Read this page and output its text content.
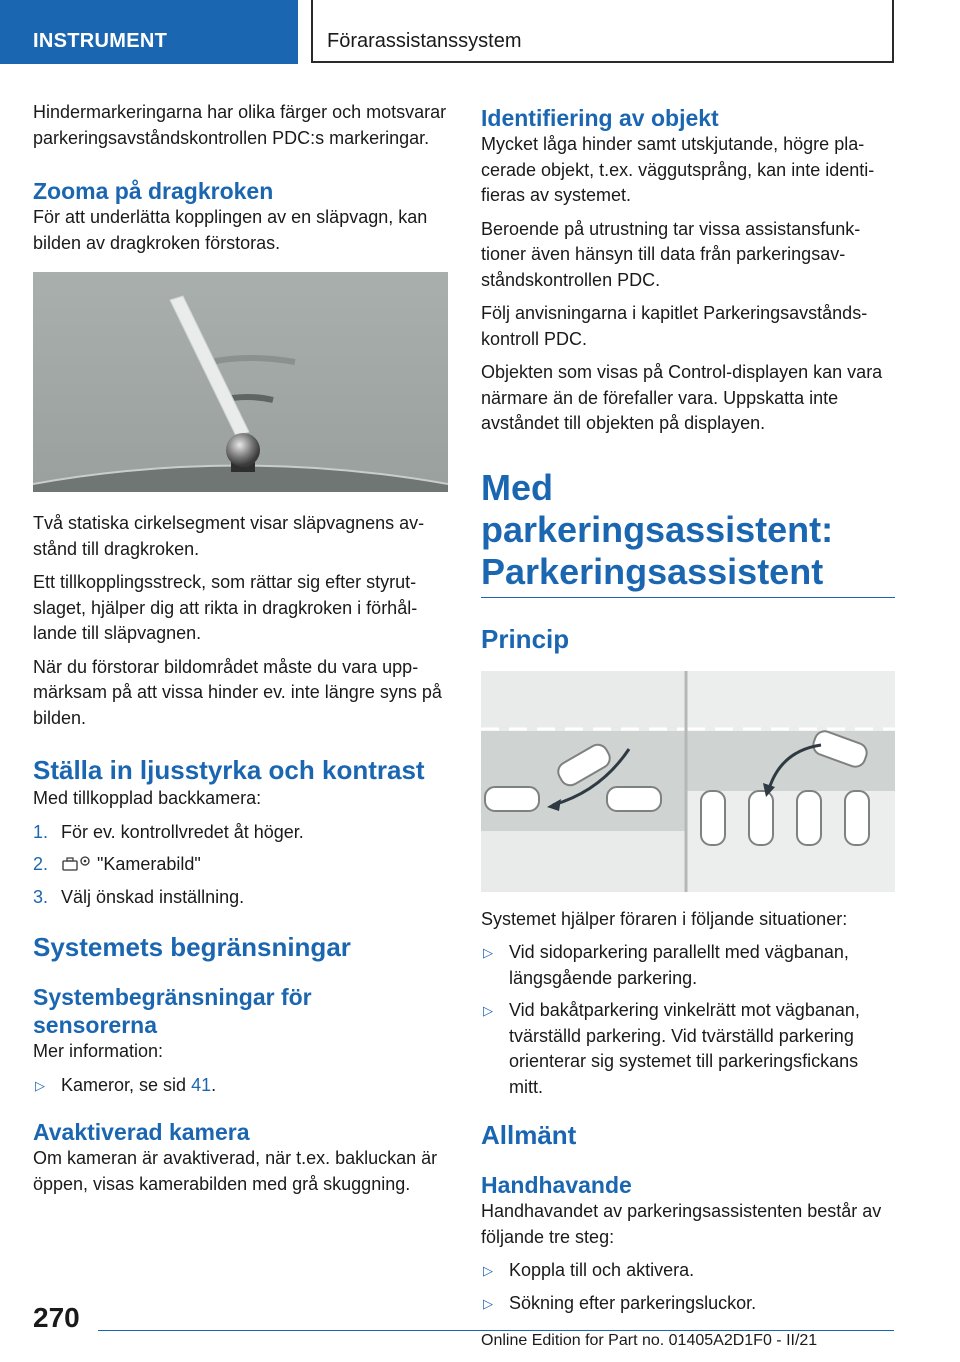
INSTRUMENT	Förarassistanssystem

Hindermarkeringarna har olika färger och motsvarar parkeringsavståndskontrollen PDC:s markeringar.

Zooma på dragkroken

För att underlätta kopplingen av en släpvagn, kan bilden av dragkroken förstoras.

Två statiska cirkelsegment visar släpvagnens avstånd till dragkroken.

Ett tillkopplingsstreck, som rättar sig efter styrutslaget, hjälper dig att rikta in dragkroken i förhållande till släpvagnen.

När du förstorar bildområdet måste du vara uppmärksam på att vissa hinder ev. inte längre syns på bilden.

Ställa in ljusstyrka och kontrast

Med tillkopplad backkamera:

1. För ev. kontrollvredet åt höger.
2.	"Kamerabild"
3. Välj önskad inställning.
Systemets begränsningar
Systembegränsningar för sensorerna

Mer information:

▷ Kameror, se sid 41.
Avaktiverad kamera

Om kameran är avaktiverad, när t.ex. bakluckan är öppen, visas kamerabilden med grå skuggning.

Identifiering av objekt

Mycket låga hinder samt utskjutande, högre placerade objekt, t.ex. väggutsprång, kan inte identifieras av systemet.

Beroende på utrustning tar vissa assistansfunktioner även hänsyn till data från parkeringsavståndskontrollen PDC.

Följ anvisningarna i kapitlet Parkeringsavståndskontroll PDC.

Objekten som visas på Control-displayen kan vara närmare än de förefaller vara. Uppskatta inte avståndet till objekten på displayen.

Med parkeringsassistent:
Parkeringsassistent
Princip

Systemet hjälper föraren i följande situationer:

▷ Vid sidoparkering parallellt med vägbanan, längsgående parkering.
▷ Vid bakåtparkering vinkelrätt mot vägbanan, tvärställd parkering. Vid tvärställd parkering orienterar sig systemet till parkeringsfickans mitt.
Allmänt
Handhavande

Handhavandet av parkeringsassistenten består av följande tre steg:

▷ Koppla till och aktivera.
▷ Sökning efter parkeringsluckor.
270
Online Edition for Part no. 01405A2D1F0 - II/21
